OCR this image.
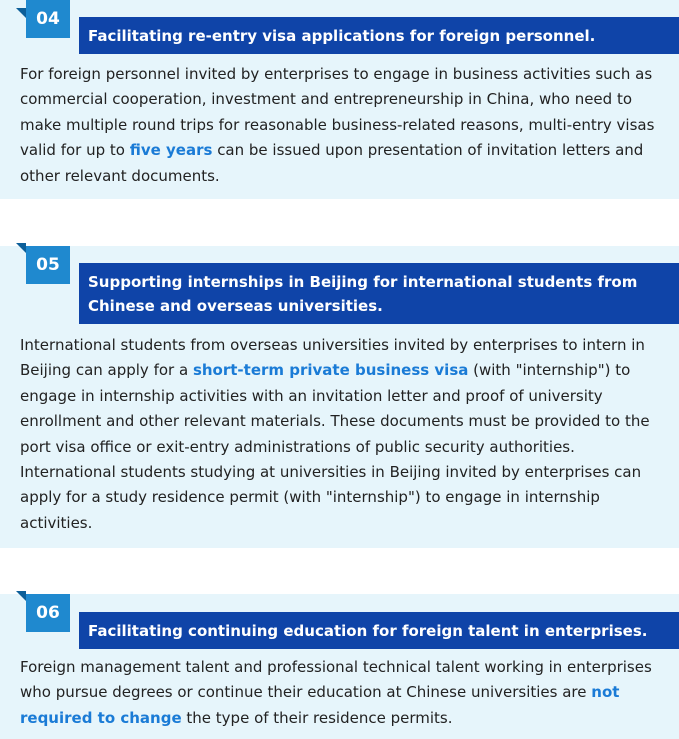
04
Facilitating re-entry visa applications for foreign personnel.
For foreign personnel invited by enterprises to engage in business activities such as commercial cooperation, investment and entrepreneurship in China, who need to make multiple round trips for reasonable business-related reasons, multi-entry visas valid for up to five years can be issued upon presentation of invitation letters and other relevant documents.
05
Supporting internships in Beijing for international students from Chinese and overseas universities.
International students from overseas universities invited by enterprises to intern in Beijing can apply for a short-term private business visa (with "internship") to engage in internship activities with an invitation letter and proof of university enrollment and other relevant materials. These documents must be provided to the port visa office or exit-entry administrations of public security authorities. International students studying at universities in Beijing invited by enterprises can apply for a study residence permit (with "internship") to engage in internship activities.
06
Facilitating continuing education for foreign talent in enterprises.
Foreign management talent and professional technical talent working in enterprises who pursue degrees or continue their education at Chinese universities are not required to change the type of their residence permits.
